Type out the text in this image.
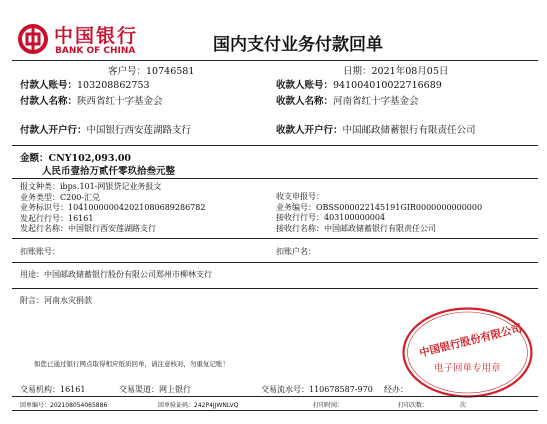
中国银行
BANK OF CHINA	国内支付业务付款回单
客户号：10746581	日期：2021年08月05日
付款人账号：103208862753	收款人账号：941004010022716689
付款人名称：陕西省红十字基金会	收款人名称：河南省红十字基金会
付款人开户行：中国银行西安莲湖路支行	收款人开户行：中国邮政储蓄银行有限责任公司
金额：CNY102,093.00
人民币壹拾万贰仟零玖拾叁元整
报文种类：ibps.101-网银贷记业务报文
业务类型：C200-汇兑
业务标识号：104100000042021080689286782
发起行行号：16161
发起行名称：中国银行西安莲湖路支行
收支申报号：
业务编号：OBSS000022145191GIR0000000000000
接收行行号：403100000004
接收行名称：中国邮政储蓄银行有限责任公司
扣账账号：	扣账户名：
用途：中国邮政储蓄银行股份有限公司郑州市柳林支行
附言：河南水灾捐款
如您已通过银行网点取得相应纸质回单，请注意核对，勿重复记账！
中国银行股份有限公司
电子回单专用章
交易机构：16161	交易渠道：网上银行	交易流水号：110678587-970 经办：
回单编号：202108054065886	回单验证码：242P4JJWNLVQ	打印时间：	打印次数：	次
